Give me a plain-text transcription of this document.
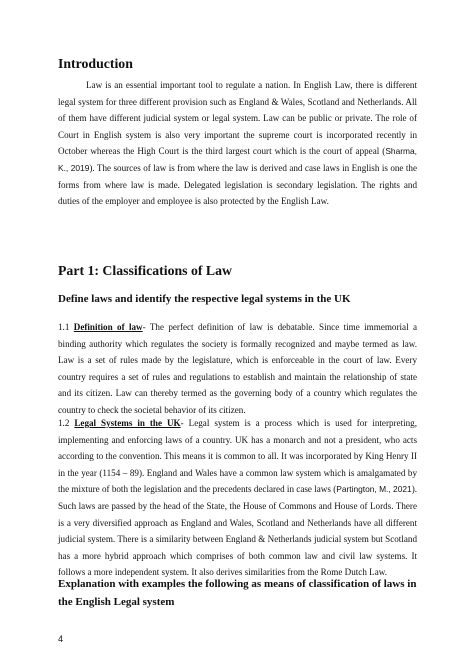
Introduction

Law is an essential important tool to regulate a nation. In English Law, there is different legal system for three different provision such as England & Wales, Scotland and Netherlands. All of them have different judicial system or legal system. Law can be public or private. The role of Court in English system is also very important the supreme court is incorporated recently in October whereas the High Court is the third largest court which is the court of appeal (Sharma, K., 2019). The sources of law is from where the law is derived and case laws in English is one the forms from where law is made. Delegated legislation is secondary legislation. The rights and duties of the employer and employee is also protected by the English Law.

Part 1: Classifications of Law
Define laws and identify the respective legal systems in the UK

1.1 Definition of law- The perfect definition of law is debatable. Since time immemorial a binding authority which regulates the society is formally recognized and maybe termed as law. Law is a set of rules made by the legislature, which is enforceable in the court of law. Every country requires a set of rules and regulations to establish and maintain the relationship of state and its citizen. Law can thereby termed as the governing body of a country which regulates the country to check the societal behavior of its citizen.

1.2 Legal Systems in the UK- Legal system is a process which is used for interpreting, implementing and enforcing laws of a country. UK has a monarch and not a president, who acts according to the convention. This means it is common to all. It was incorporated by King Henry II in the year (1154 – 89). England and Wales have a common law system which is amalgamated by the mixture of both the legislation and the precedents declared in case laws (Partington, M., 2021). Such laws are passed by the head of the State, the House of Commons and House of Lords. There is a very diversified approach as England and Wales, Scotland and Netherlands have all different judicial system. There is a similarity between England & Netherlands judicial system but Scotland has a more hybrid approach which comprises of both common law and civil law systems. It follows a more independent system. It also derives similarities from the Rome Dutch Law.

Explanation with examples the following as means of classification of laws in the English Legal system
4
